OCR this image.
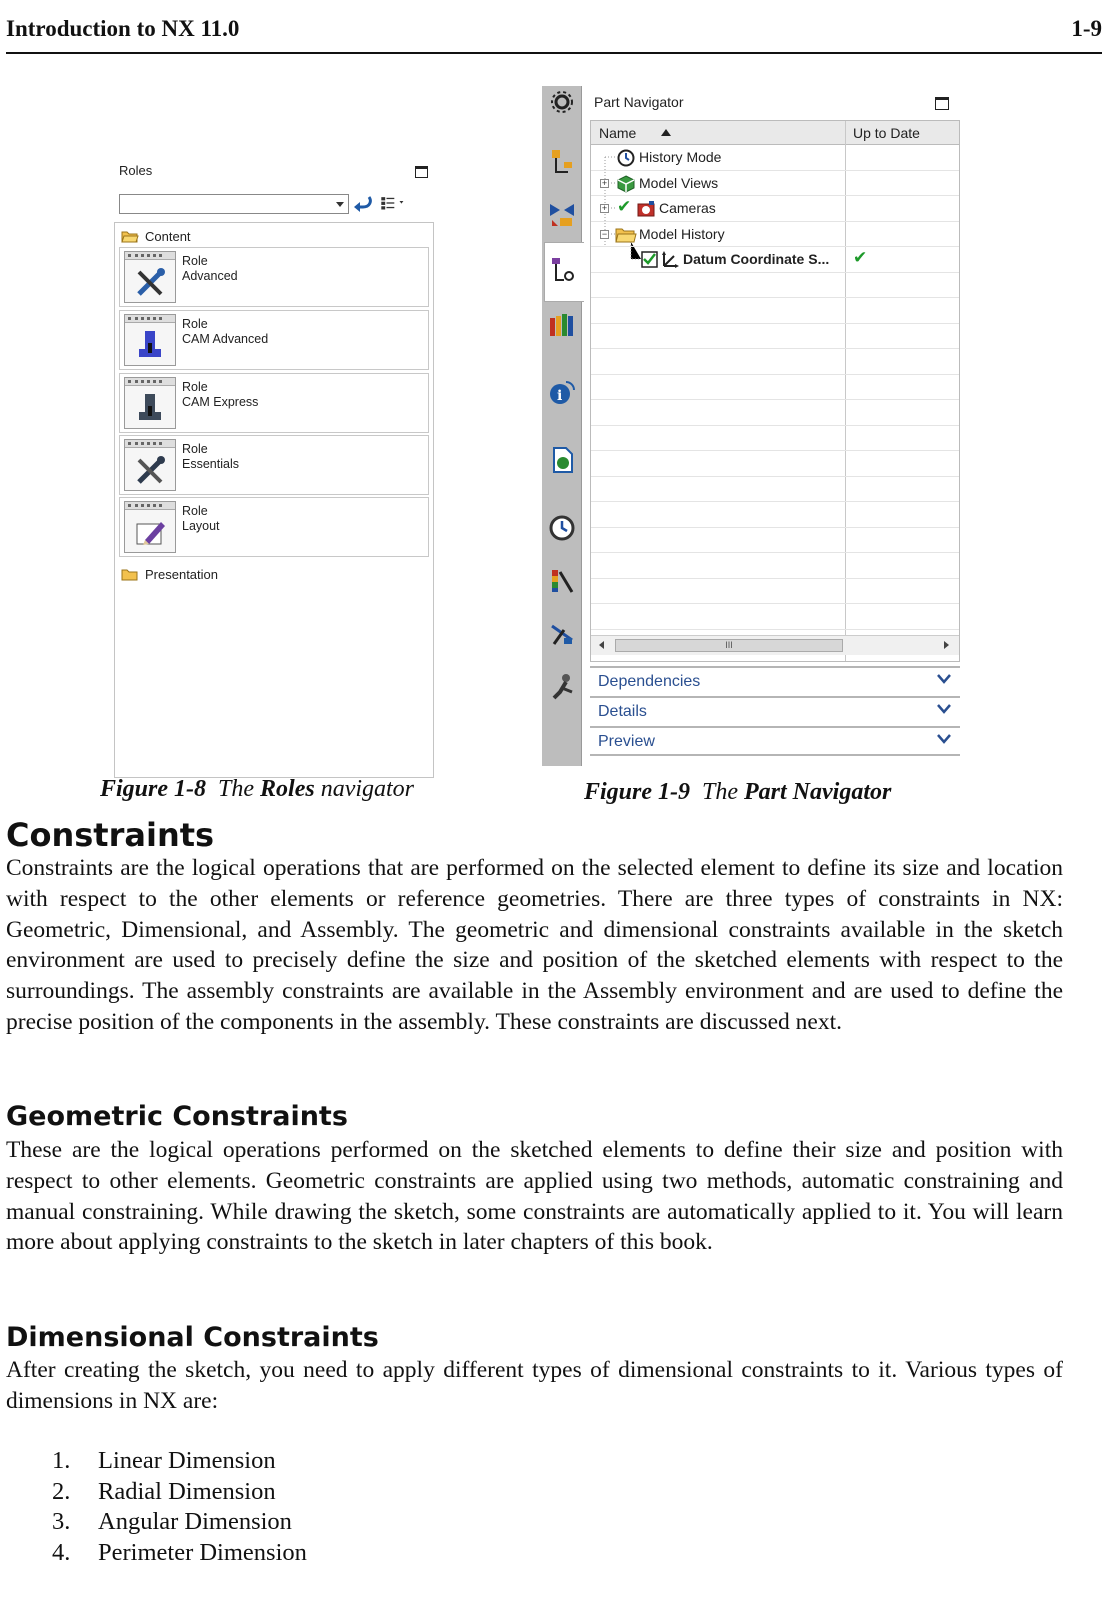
Introduction to NX 11.0	1-9
Roles
Content
Role
Advanced
Role
CAM Advanced
Role
CAM Express
Role
Essentials
Role
Layout
Presentation
i
Part Navigator
Name	Up to Date
History Mode
+ Model Views
+ ✔ Cameras
− Model History
Datum Coordinate S... ✔
III
Dependencies
Details
Preview
Figure 1-8 The Roles navigator	Figure 1-9 The Part Navigator
Constraints

Constraints are the logical operations that are performed on the selected element to define its size and location with respect to the other elements or reference geometries. There are three types of constraints in NX: Geometric, Dimensional, and Assembly. The geometric and dimensional constraints available in the sketch environment are used to precisely define the size and position of the sketched elements with respect to the surroundings. The assembly constraints are available in the Assembly environment and are used to define the precise position of the components in the assembly. These constraints are discussed next.

Geometric Constraints

These are the logical operations performed on the sketched elements to define their size and position with respect to other elements. Geometric constraints are applied using two methods, automatic constraining and manual constraining. While drawing the sketch, some constraints are automatically applied to it. You will learn more about applying constraints to the sketch in later chapters of this book.

Dimensional Constraints

After creating the sketch, you need to apply different types of dimensional constraints to it. Various types of dimensions in NX are:

1.	Linear Dimension
2.	Radial Dimension
3.	Angular Dimension
4.	Perimeter Dimension
